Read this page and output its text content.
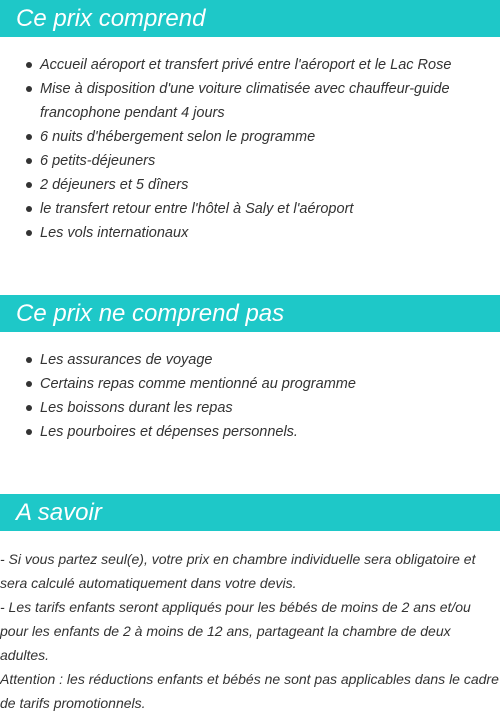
Ce prix comprend
Accueil aéroport et transfert privé entre l'aéroport et le Lac Rose
Mise à disposition d'une voiture climatisée avec chauffeur-guide francophone pendant 4 jours
6 nuits d'hébergement selon le programme
6 petits-déjeuners
2 déjeuners et 5 dîners
le transfert retour entre l'hôtel à Saly et l'aéroport
Les vols internationaux
Ce prix ne comprend pas
Les assurances de voyage
Certains repas comme mentionné au programme
Les boissons durant les repas
Les pourboires et dépenses personnels.
A savoir

- Si vous partez seul(e), votre prix en chambre individuelle sera obligatoire et sera calculé automatiquement dans votre devis.

- Les tarifs enfants seront appliqués pour les bébés de moins de 2 ans et/ou pour les enfants de 2 à moins de 12 ans, partageant la chambre de deux adultes.

Attention : les réductions enfants et bébés ne sont pas applicables dans le cadre de tarifs promotionnels.
